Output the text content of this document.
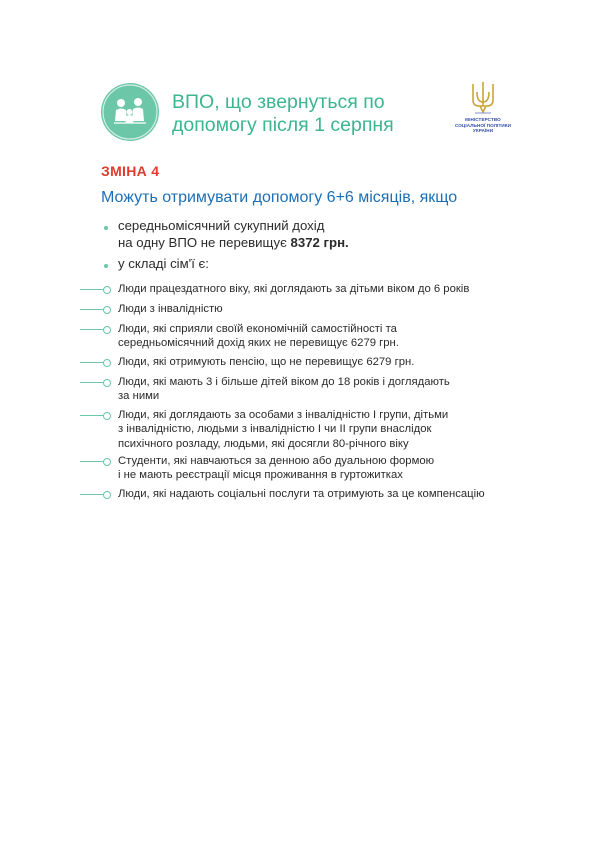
ВПО, що звернуться по
допомогу після 1 серпня	МІНІСТЕРСТВО
СОЦІАЛЬНОЇ ПОЛІТИКИ
УКРАЇНИ
ЗМІНА 4
Можуть отримувати допомогу 6+6 місяців, якщо
середньомісячний сукупний дохід
на одну ВПО не перевищує 8372 грн.
у складі сім'ї є:
Люди працездатного віку, які доглядають за дітьми віком до 6 років
Люди з інвалідністю
Люди, які сприяли своїй економічній самостійності та
середньомісячний дохід яких не перевищує 6279 грн.
Люди, які отримують пенсію, що не перевищує 6279 грн.
Люди, які мають 3 і більше дітей віком до 18 років і доглядають
за ними
Люди, які доглядають за особами з інвалідністю І групи, дітьми
з інвалідністю, людьми з інвалідністю І чи ІІ групи внаслідок
психічного розладу, людьми, які досягли 80-річного віку
Студенти, які навчаються за денною або дуальною формою
і не мають реєстрації місця проживання в гуртожитках
Люди, які надають соціальні послуги та отримують за це компенсацію
